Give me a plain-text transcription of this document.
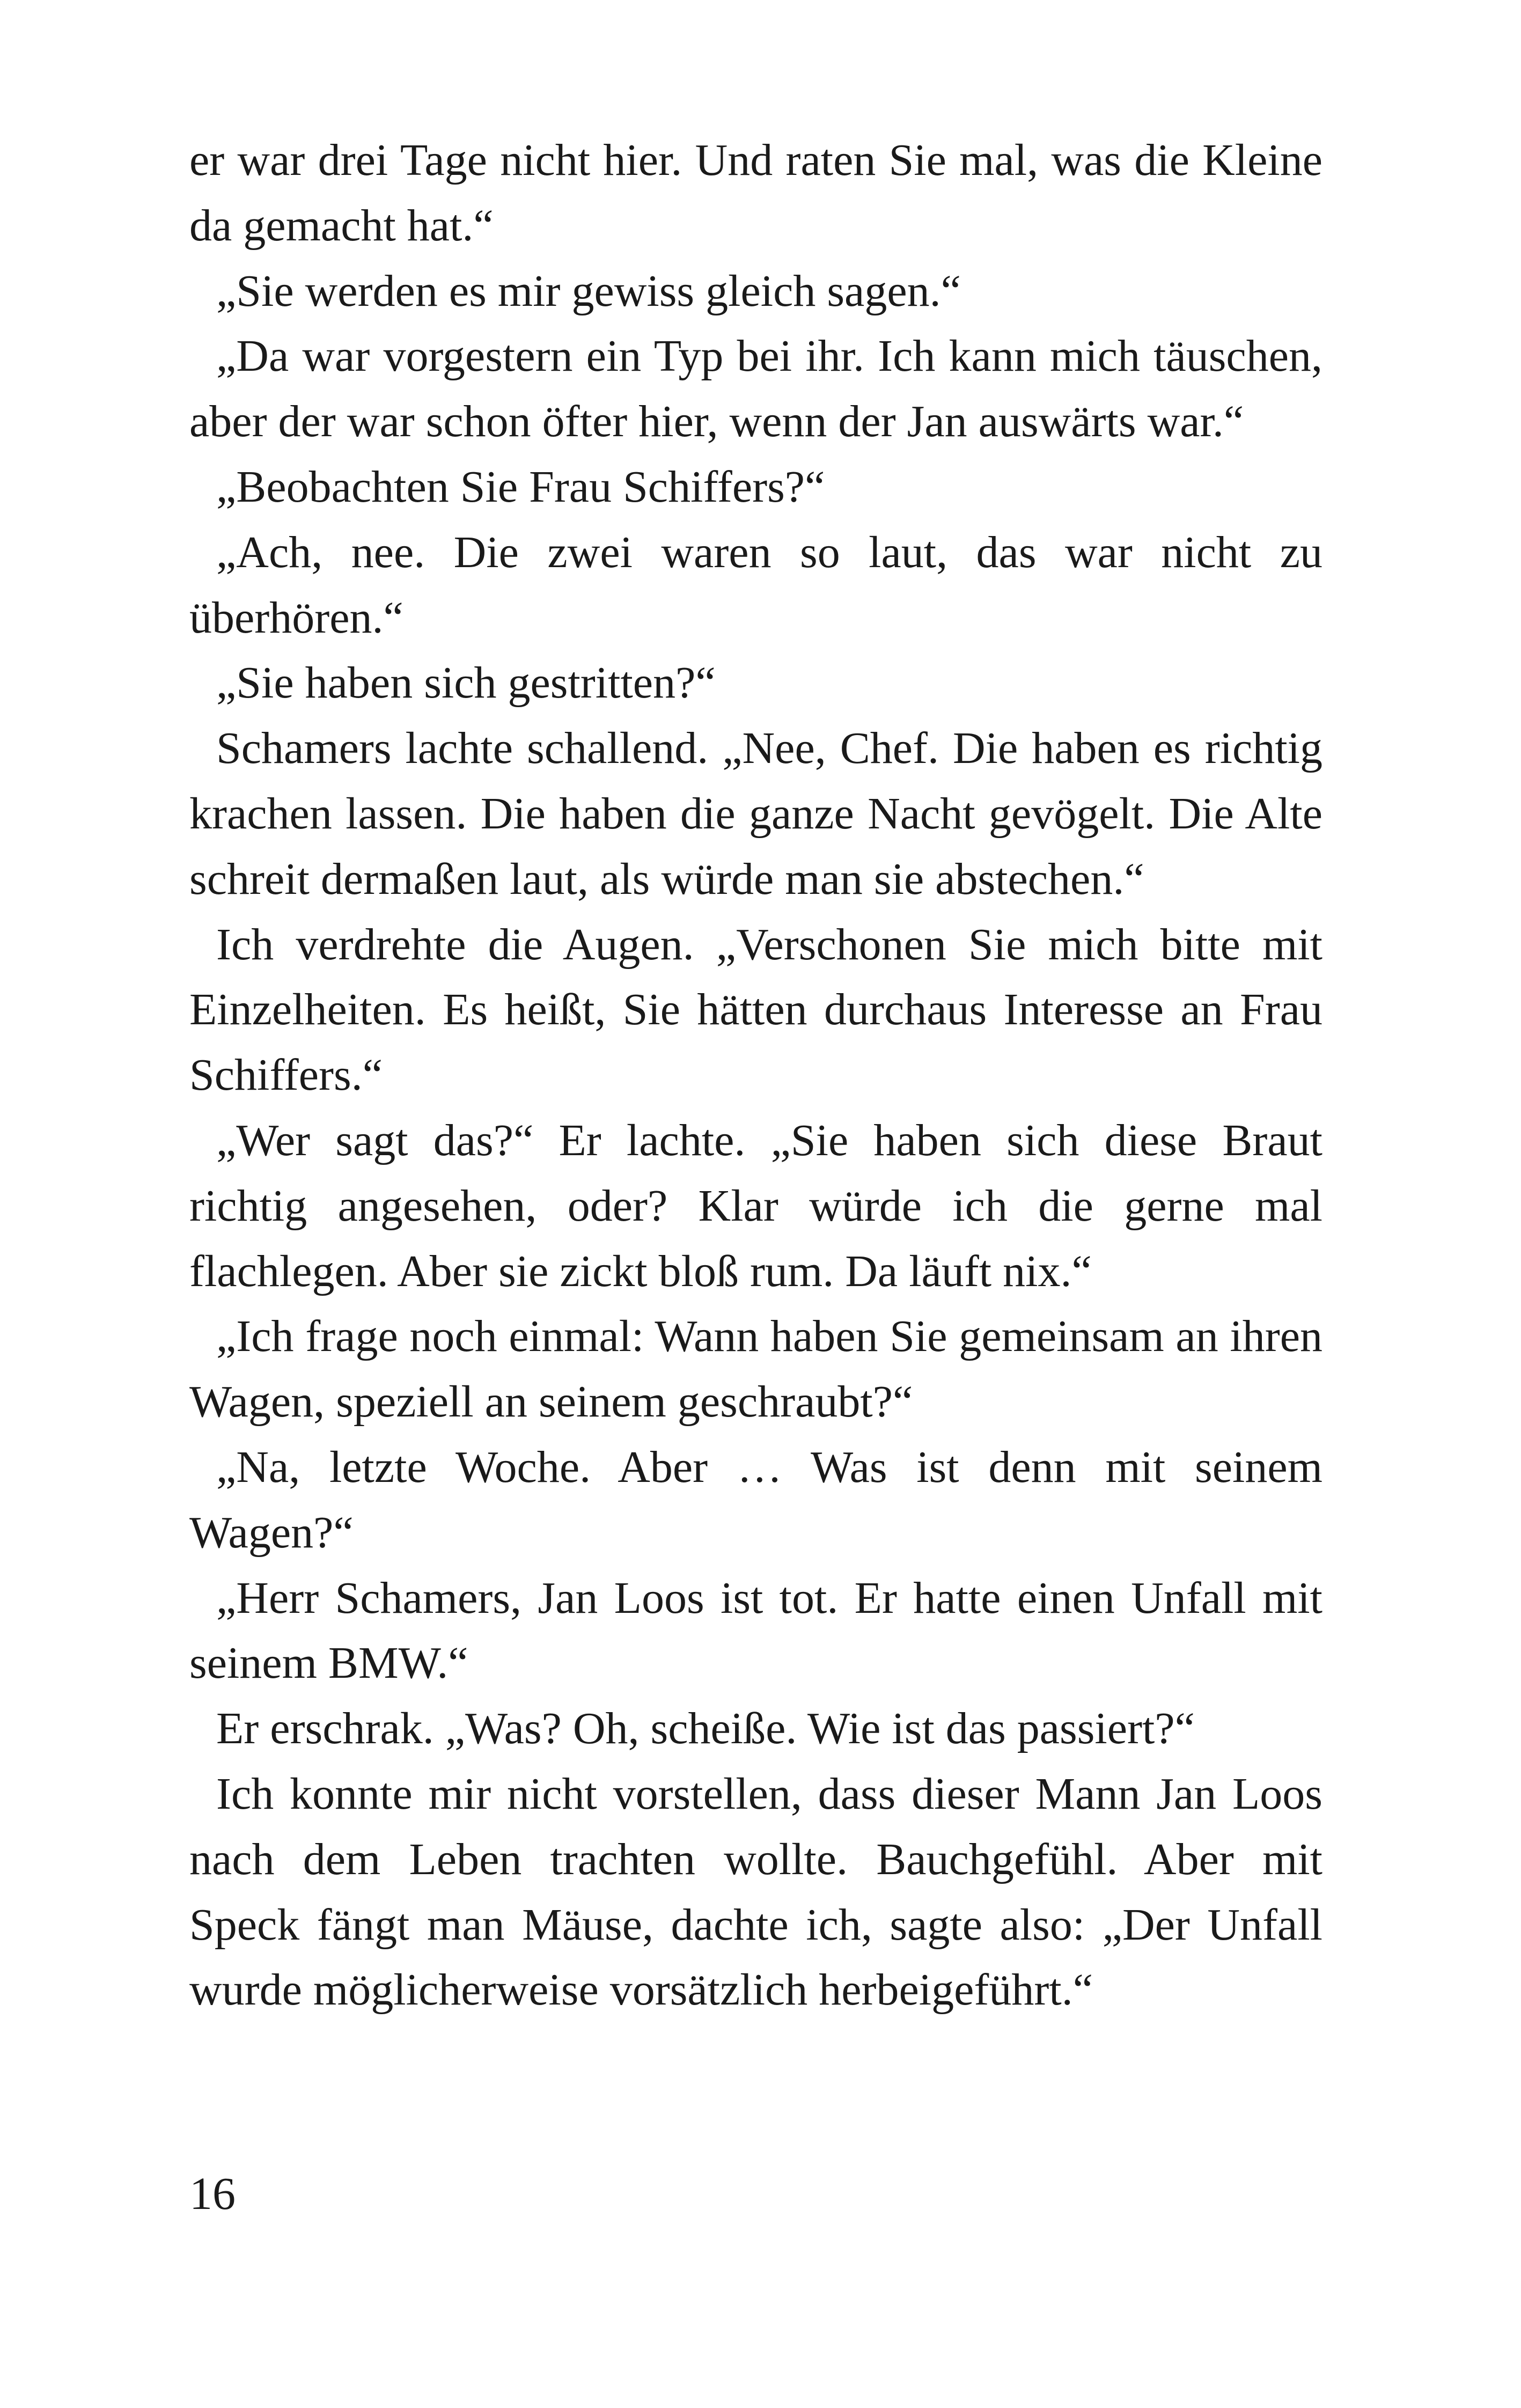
er war drei Tage nicht hier. Und raten Sie mal, was die Kleine da gemacht hat.“

„Sie werden es mir gewiss gleich sagen.“

„Da war vorgestern ein Typ bei ihr. Ich kann mich täuschen, aber der war schon öfter hier, wenn der Jan auswärts war.“

„Beobachten Sie Frau Schiffers?“

„Ach, nee. Die zwei waren so laut, das war nicht zu überhören.“

„Sie haben sich gestritten?“

Schamers lachte schallend. „Nee, Chef. Die haben es richtig krachen lassen. Die haben die ganze Nacht gevögelt. Die Alte schreit dermaßen laut, als würde man sie abstechen.“

Ich verdrehte die Augen. „Verschonen Sie mich bitte mit Einzelheiten. Es heißt, Sie hätten durchaus Interesse an Frau Schiffers.“

„Wer sagt das?“ Er lachte. „Sie haben sich diese Braut richtig angesehen, oder? Klar würde ich die gerne mal flachlegen. Aber sie zickt bloß rum. Da läuft nix.“

„Ich frage noch einmal: Wann haben Sie gemeinsam an ihren Wagen, speziell an seinem geschraubt?“

„Na, letzte Woche. Aber … Was ist denn mit seinem Wagen?“

„Herr Schamers, Jan Loos ist tot. Er hatte einen Unfall mit seinem BMW.“

Er erschrak. „Was? Oh, scheiße. Wie ist das passiert?“

Ich konnte mir nicht vorstellen, dass dieser Mann Jan Loos nach dem Leben trachten wollte. Bauchgefühl. Aber mit Speck fängt man Mäuse, dachte ich, sagte also: „Der Unfall wurde möglicherweise vorsätzlich herbeigeführt.“

16
